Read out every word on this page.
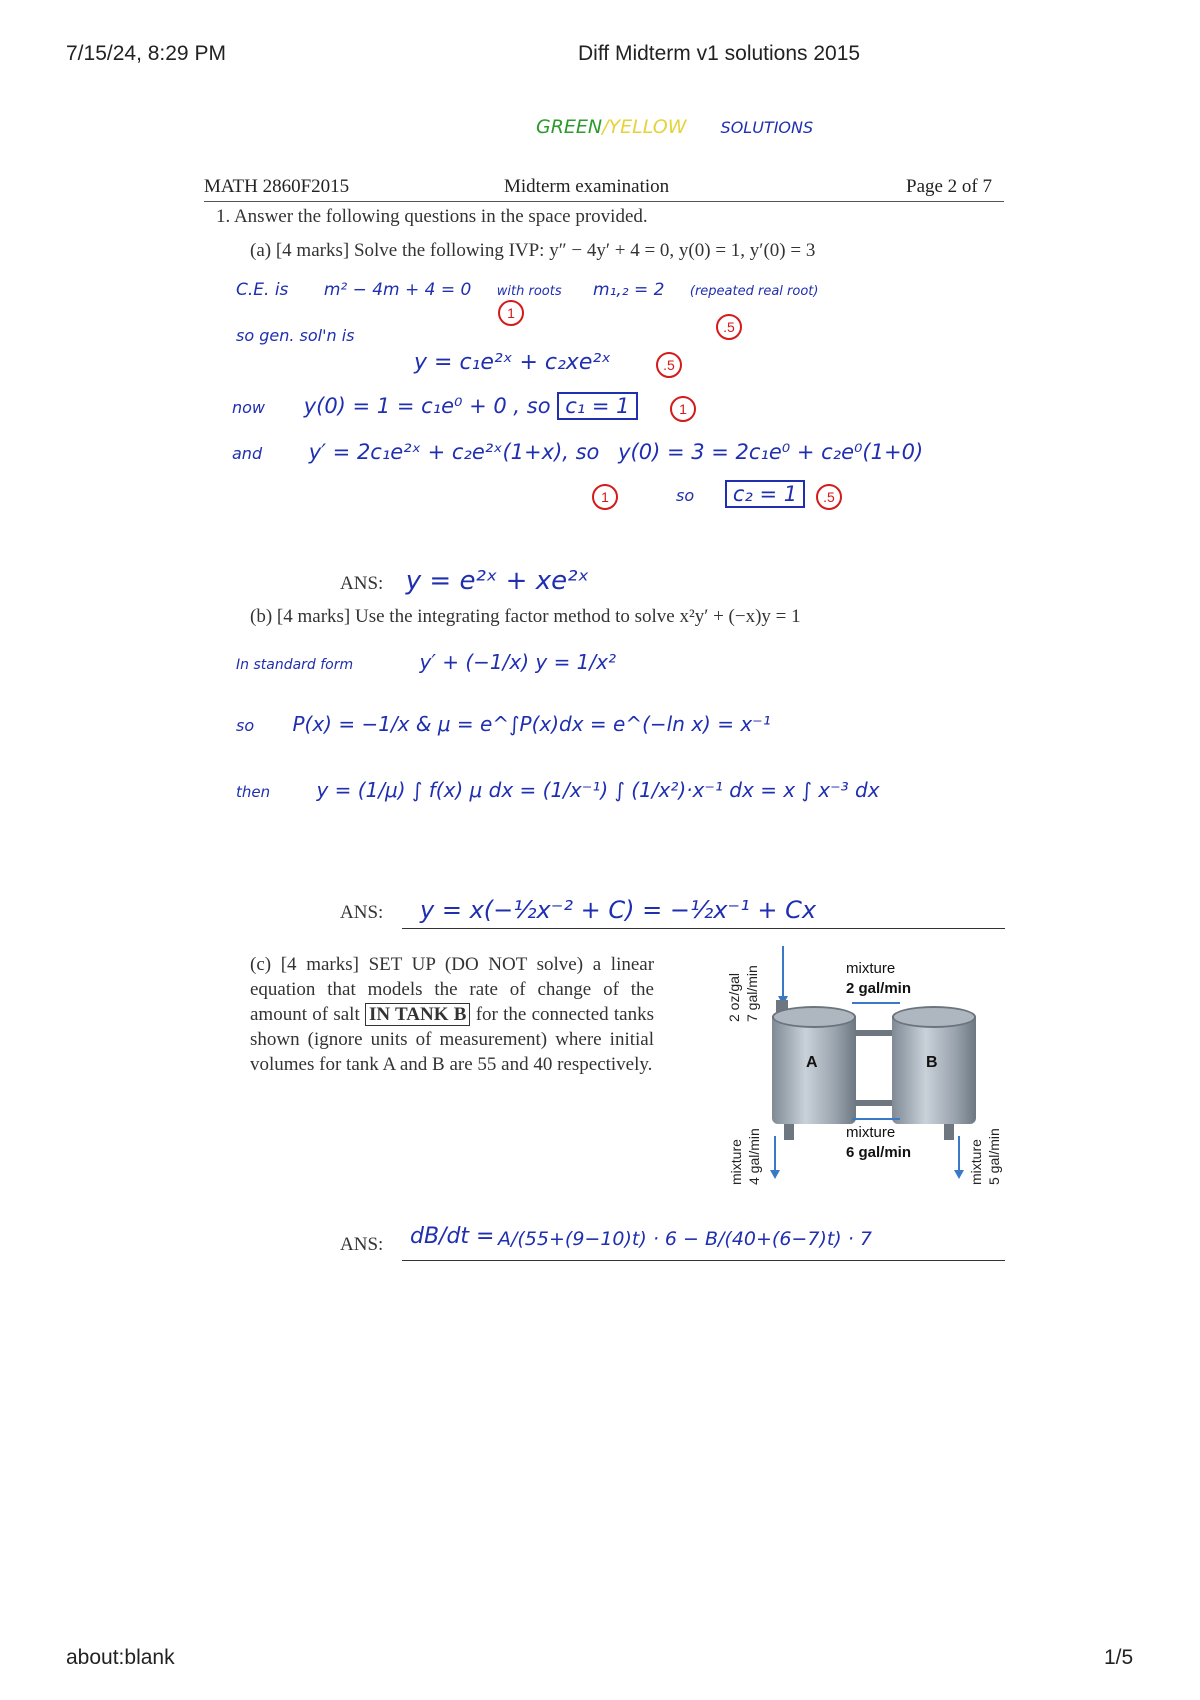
7/15/24, 8:29 PM	Diff Midterm v1 solutions 2015
GREEN/YELLOW SOLUTIONS
MATH 2860F2015	Midterm examination	Page 2 of 7
1. Answer the following questions in the space provided.
(a) [4 marks] Solve the following IVP: y″ − 4y′ + 4 = 0, y(0) = 1, y′(0) = 3
C.E. is m² − 4m + 4 = 0 with roots m₁,₂ = 2 (repeated real root)
1
.5
so gen. sol'n is
y = c₁e²ˣ + c₂xe²ˣ	.5
now y(0) = 1 = c₁e⁰ + 0 , so c₁ = 1	1
and y′ = 2c₁e²ˣ + c₂e²ˣ(1+x), so y(0) = 3 = 2c₁e⁰ + c₂e⁰(1+0)
1	so c₂ = 1	.5
ANS: y = e²ˣ + xe²ˣ
(b) [4 marks] Use the integrating factor method to solve x²y′ + (−x)y = 1
In standard form	y′ + (−1/x) y = 1/x²
so P(x) = −1/x & μ = e^∫P(x)dx = e^(−ln x) = x⁻¹
then y = (1/μ) ∫ f(x) μ dx = (1/x⁻¹) ∫ (1/x²)·x⁻¹ dx = x ∫ x⁻³ dx
ANS: y = x(−½x⁻² + C) = −½x⁻¹ + Cx
(c) [4 marks] SET UP (DO NOT solve) a linear equation that models the rate of change of the amount of salt IN TANK B for the connected tanks shown (ignore units of measurement) where initial volumes for tank A and B are 55 and 40 respectively.
2 oz/gal 7 gal/min	mixture
2 gal/min
A	B
mixture
6 gal/min
mixture 4 gal/min	mixture 5 gal/min
ANS: dB/dt = A/(55+(9−10)t) · 6 − B/(40+(6−7)t) · 7
about:blank	1/5
